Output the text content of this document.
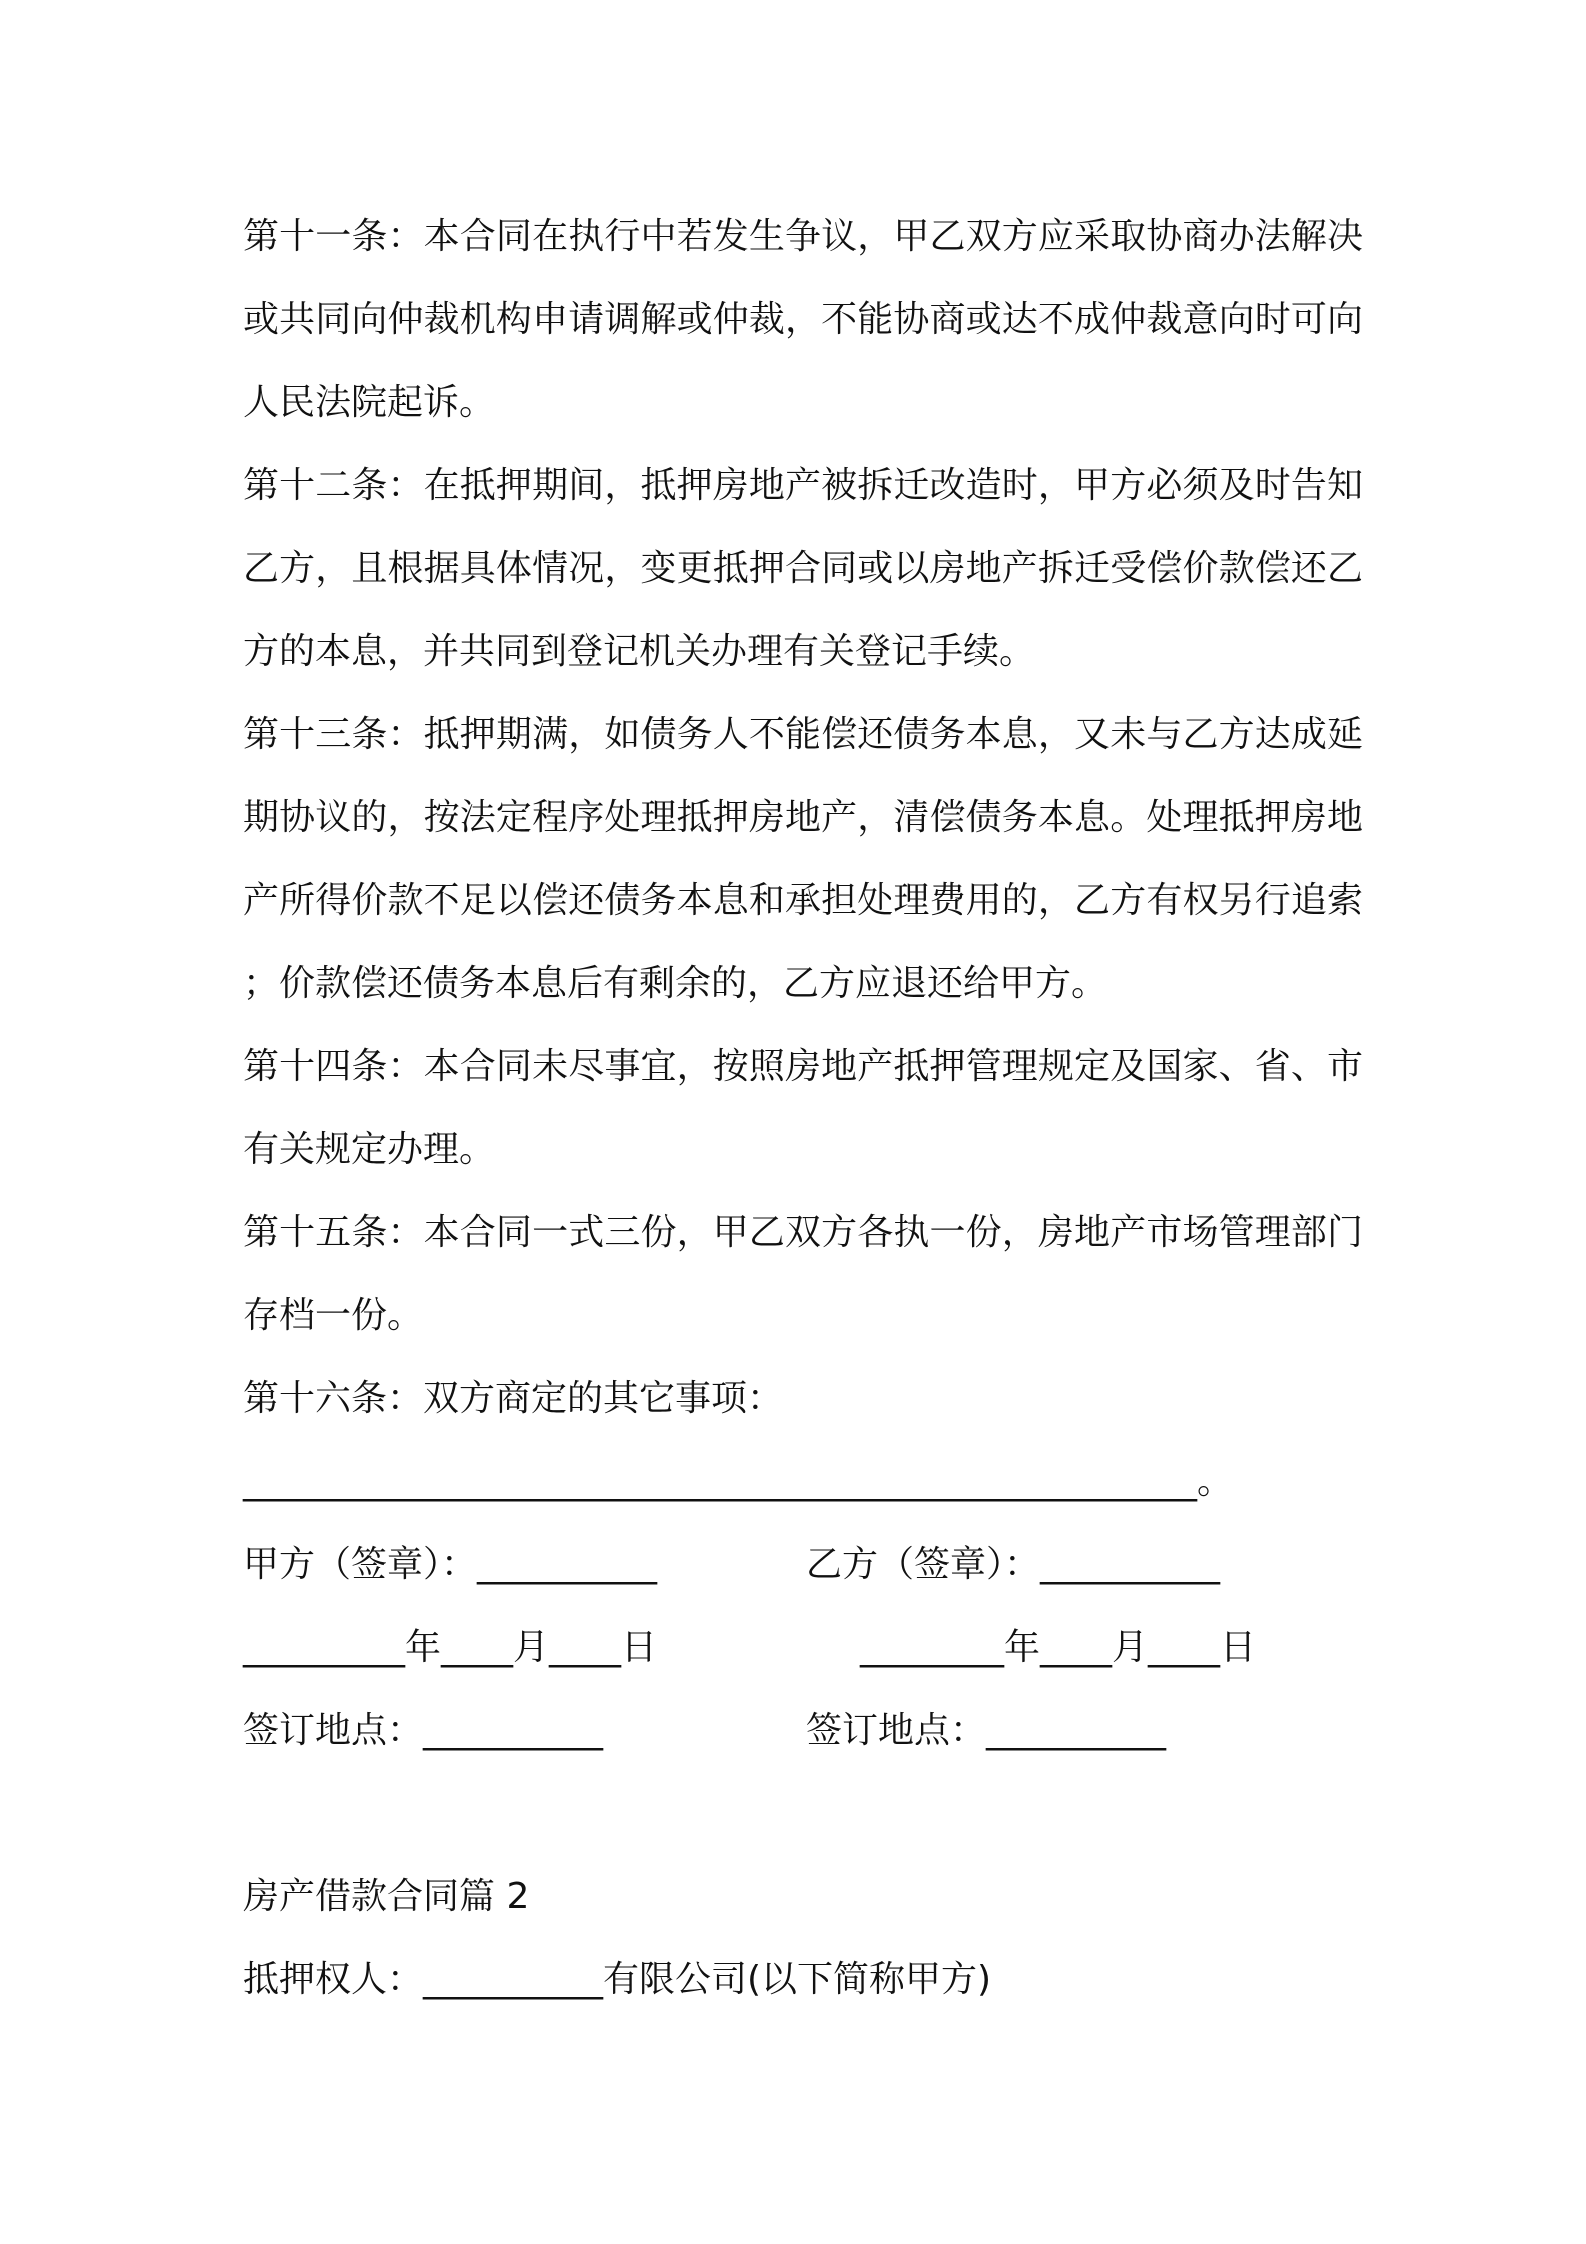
第十一条：本合同在执行中若发生争议，甲乙双方应采取协商办法解决或共同向仲裁机构申请调解或仲裁，不能协商或达不成仲裁意向时可向人民法院起诉。

第十二条：在抵押期间，抵押房地产被拆迁改造时，甲方必须及时告知乙方，且根据具体情况，变更抵押合同或以房地产拆迁受偿价款偿还乙方的本息，并共同到登记机关办理有关登记手续。

第十三条：抵押期满，如债务人不能偿还债务本息，又未与乙方达成延期协议的，按法定程序处理抵押房地产，清偿债务本息。处理抵押房地产所得价款不足以偿还债务本息和承担处理费用的，乙方有权另行追索；价款偿还债务本息后有剩余的，乙方应退还给甲方。

第十四条：本合同未尽事宜，按照房地产抵押管理规定及国家、省、市有关规定办理。

第十五条：本合同一式三份，甲乙双方各执一份，房地产市场管理部门存档一份。

第十六条：双方商定的其它事项：

_____________________________________________________。
甲方（签章）：__________	乙方（签章）：__________
_________年____月____日	________年____月____日
签订地点：__________	签订地点：__________

房产借款合同篇 2

抵押权人：__________有限公司(以下简称甲方)
